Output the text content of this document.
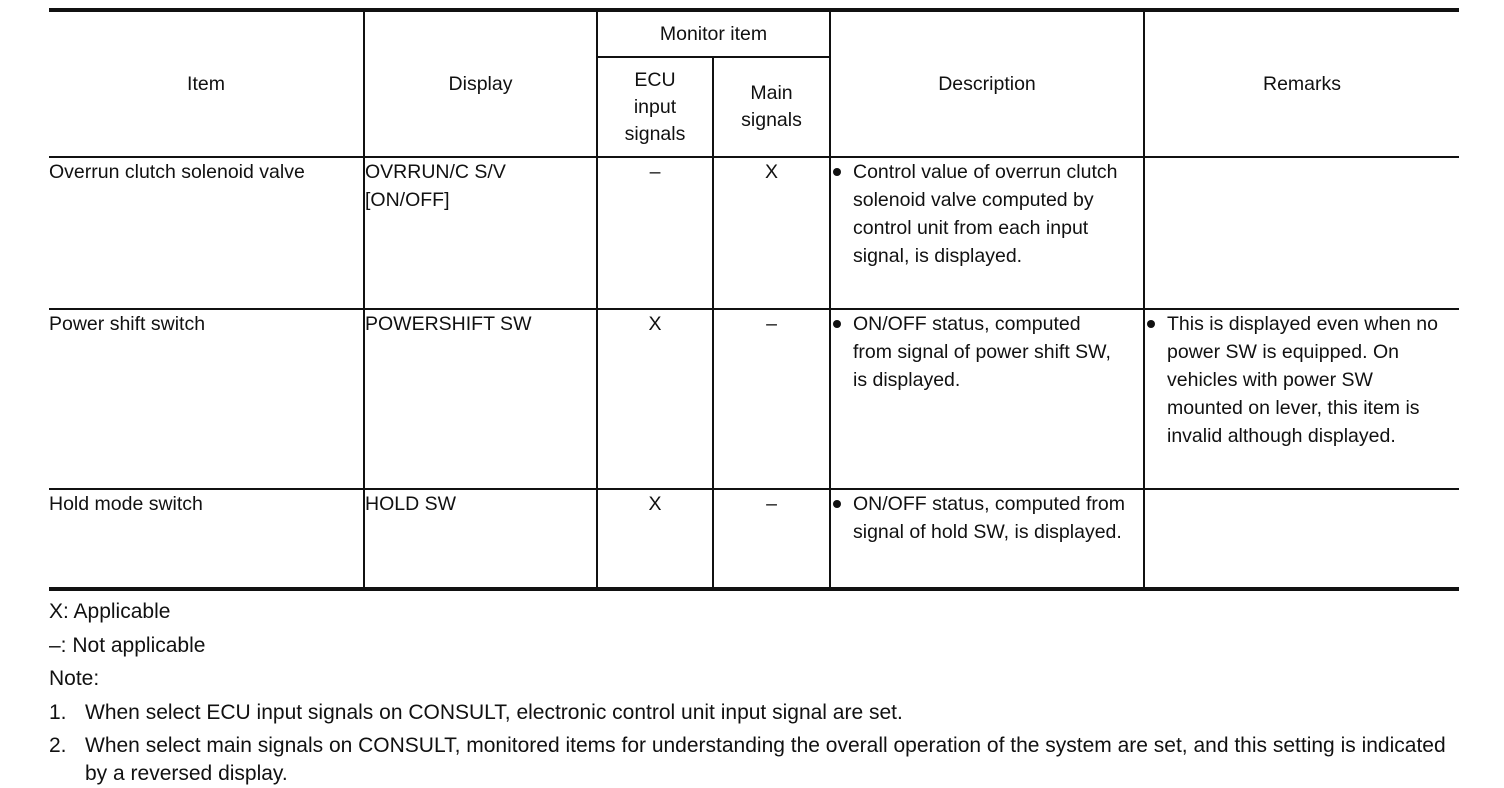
Item	Display	Monitor item		Description	Remarks
		ECU input signals	Main signals		
Overrun clutch solenoid valve	OVRRUN/C S/V [ON/OFF]	–	X	Control value of overrun clutch solenoid valve computed by control unit from each input signal, is displayed.	

Power shift switch	POWERSHIFT SW	X	–	ON/OFF status, computed from signal of power shift SW, is displayed.	This is displayed even when no power SW is equipped. On vehicles with power SW mounted on lever, this item is invalid although displayed.

Hold mode switch	HOLD SW	X	–	ON/OFF status, computed from signal of hold SW, is displayed.	

X: Applicable
–: Not applicable
Note:
1. When select ECU input signals on CONSULT, electronic control unit input signal are set.
2. When select main signals on CONSULT, monitored items for understanding the overall operation of the system are set, and this setting is indicated by a reversed display.
